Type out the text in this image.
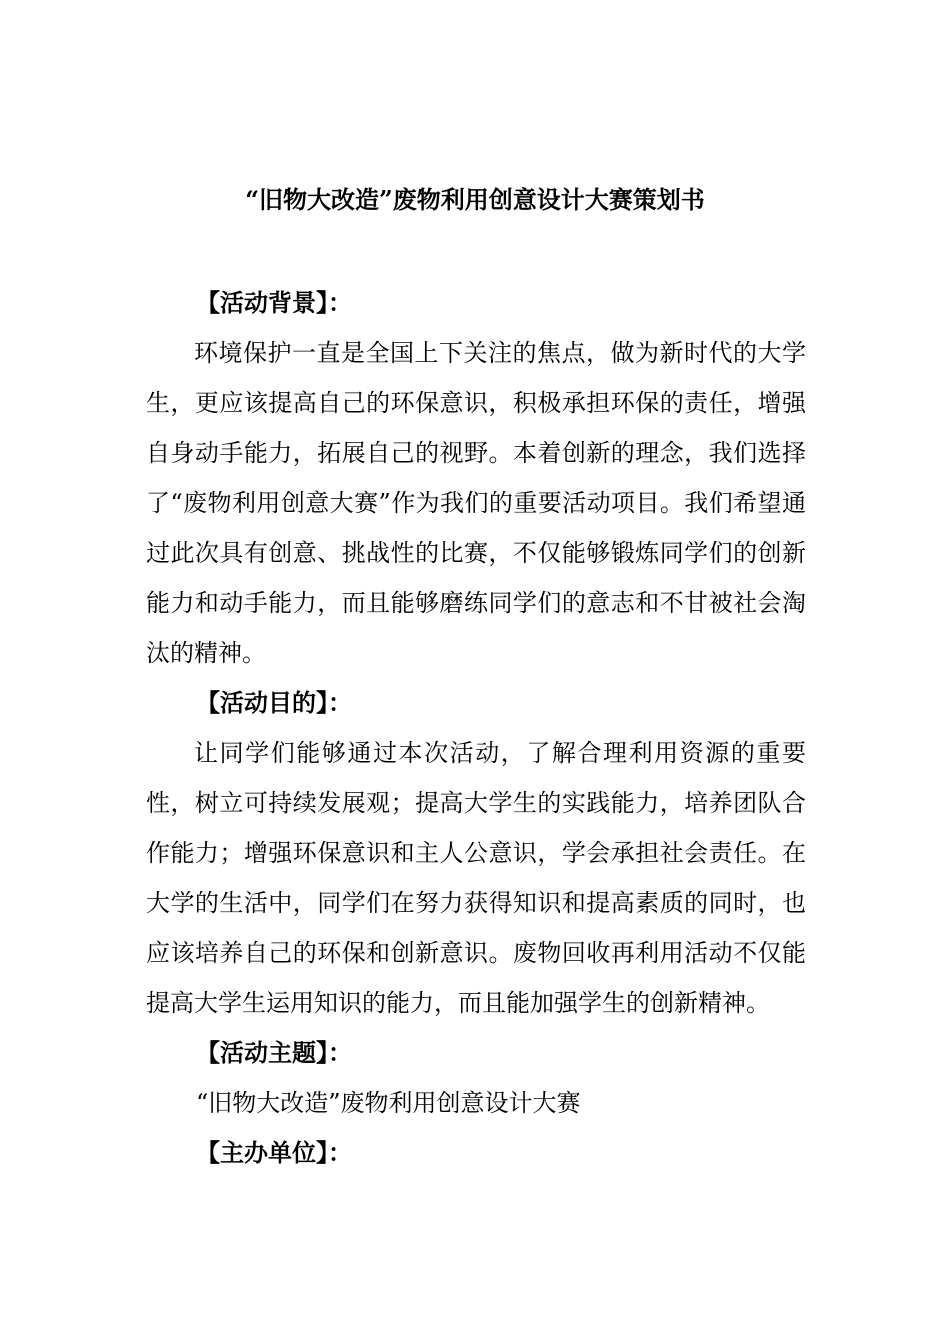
“旧物大改造”废物利用创意设计大赛策划书

【活动背景】：

环境保护一直是全国上下关注的焦点，做为新时代的大学生，更应该提高自己的环保意识，积极承担环保的责任，增强自身动手能力，拓展自己的视野。本着创新的理念，我们选择了“废物利用创意大赛”作为我们的重要活动项目。我们希望通过此次具有创意、挑战性的比赛，不仅能够锻炼同学们的创新能力和动手能力，而且能够磨练同学们的意志和不甘被社会淘汰的精神。

【活动目的】：

让同学们能够通过本次活动，了解合理利用资源的重要性，树立可持续发展观；提高大学生的实践能力，培养团队合作能力；增强环保意识和主人公意识，学会承担社会责任。在大学的生活中，同学们在努力获得知识和提高素质的同时，也应该培养自己的环保和创新意识。废物回收再利用活动不仅能提高大学生运用知识的能力，而且能加强学生的创新精神。

【活动主题】：

“旧物大改造”废物利用创意设计大赛

【主办单位】：
